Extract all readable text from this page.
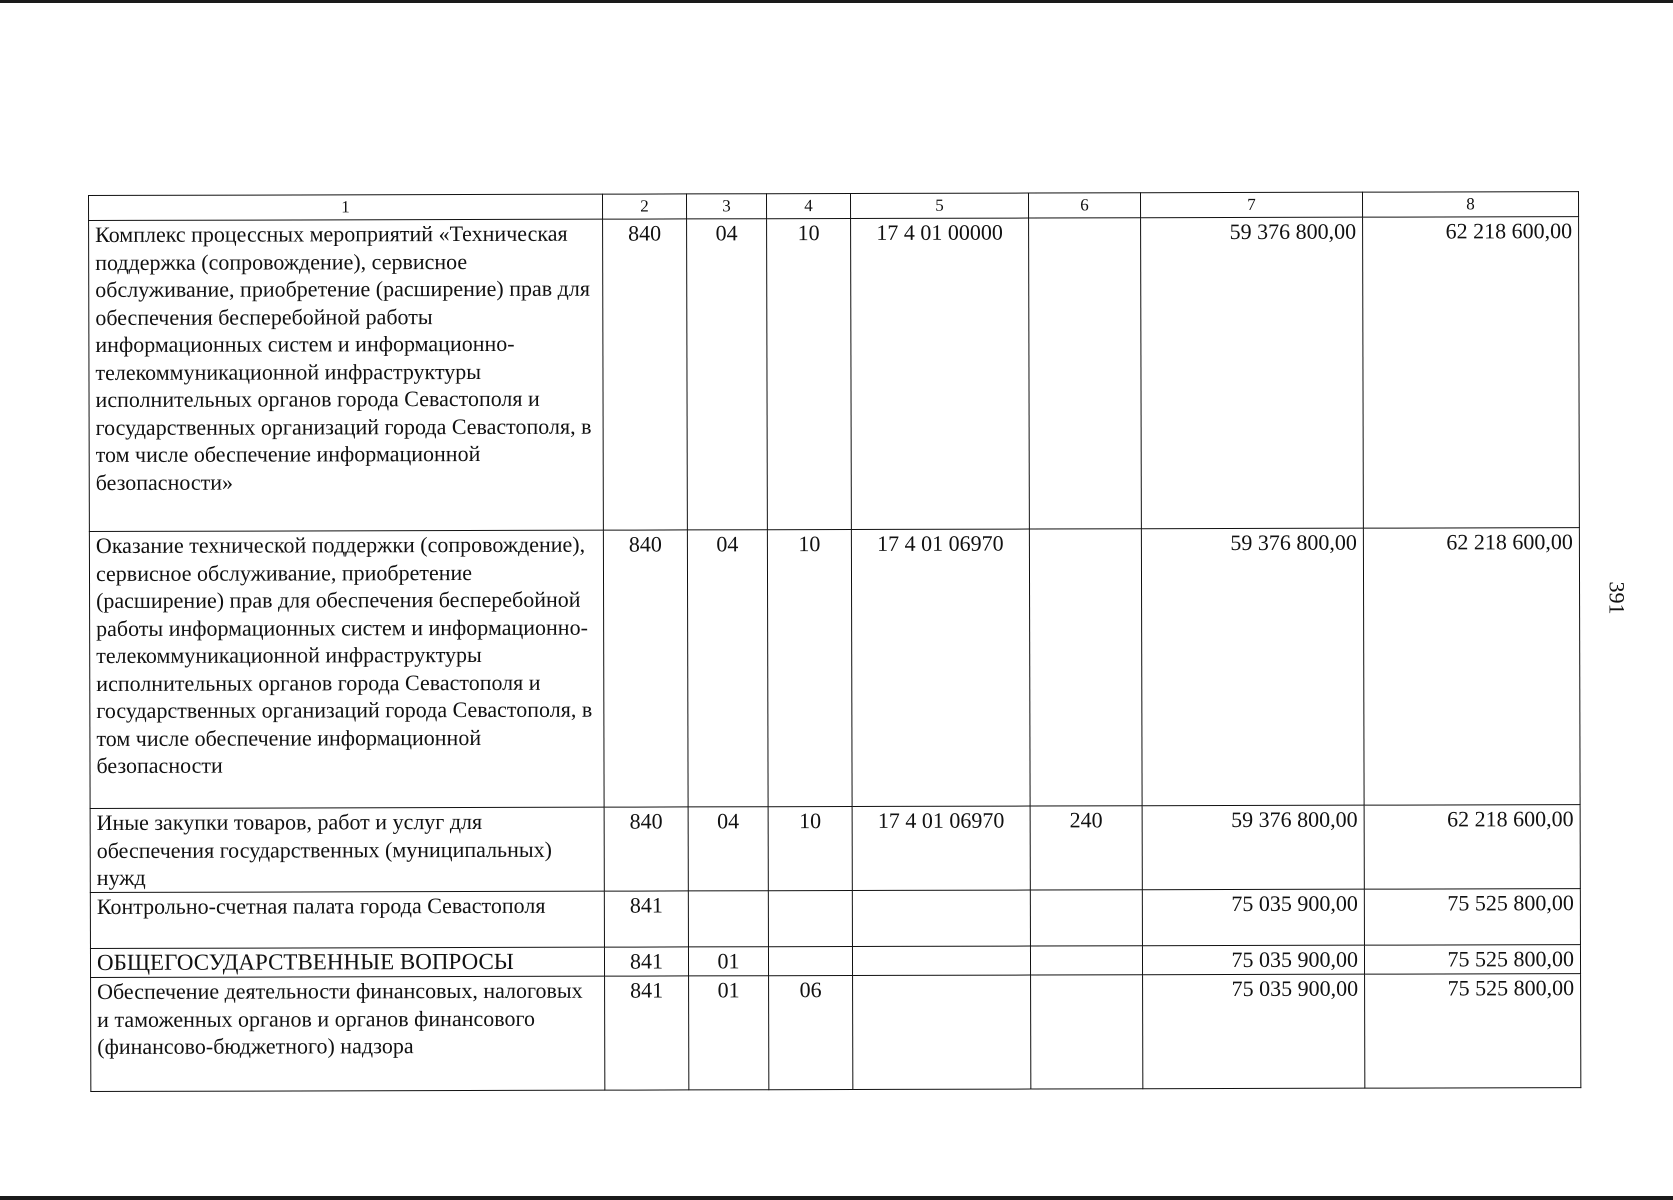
391
1	2	3	4	5	6	7	8
Комплекс процессных мероприятий «Техническая поддержка (сопровождение), сервисное обслуживание, приобретение (расширение) прав для обеспечения бесперебойной работы информационных систем и информационно-телекоммуникационной инфраструктуры исполнительных органов города Севастополя и государственных организаций города Севастополя, в том числе обеспечение информационной безопасности»	840	04	10	17 4 01 00000		59 376 800,00	62 218 600,00
Оказание технической поддержки (сопровождение), сервисное обслуживание, приобретение (расширение) прав для обеспечения бесперебойной работы информационных систем и информационно-телекоммуникационной инфраструктуры исполнительных органов города Севастополя и государственных организаций города Севастополя, в том числе обеспечение информационной безопасности	840	04	10	17 4 01 06970		59 376 800,00	62 218 600,00
Иные закупки товаров, работ и услуг для обеспечения государственных (муниципальных) нужд	840	04	10	17 4 01 06970	240	59 376 800,00	62 218 600,00
Контрольно-счетная палата города Севастополя	841					75 035 900,00	75 525 800,00
ОБЩЕГОСУДАРСТВЕННЫЕ ВОПРОСЫ	841	01				75 035 900,00	75 525 800,00
Обеспечение деятельности финансовых, налоговых и таможенных органов и органов финансового (финансово-бюджетного) надзора	841	01	06			75 035 900,00	75 525 800,00
